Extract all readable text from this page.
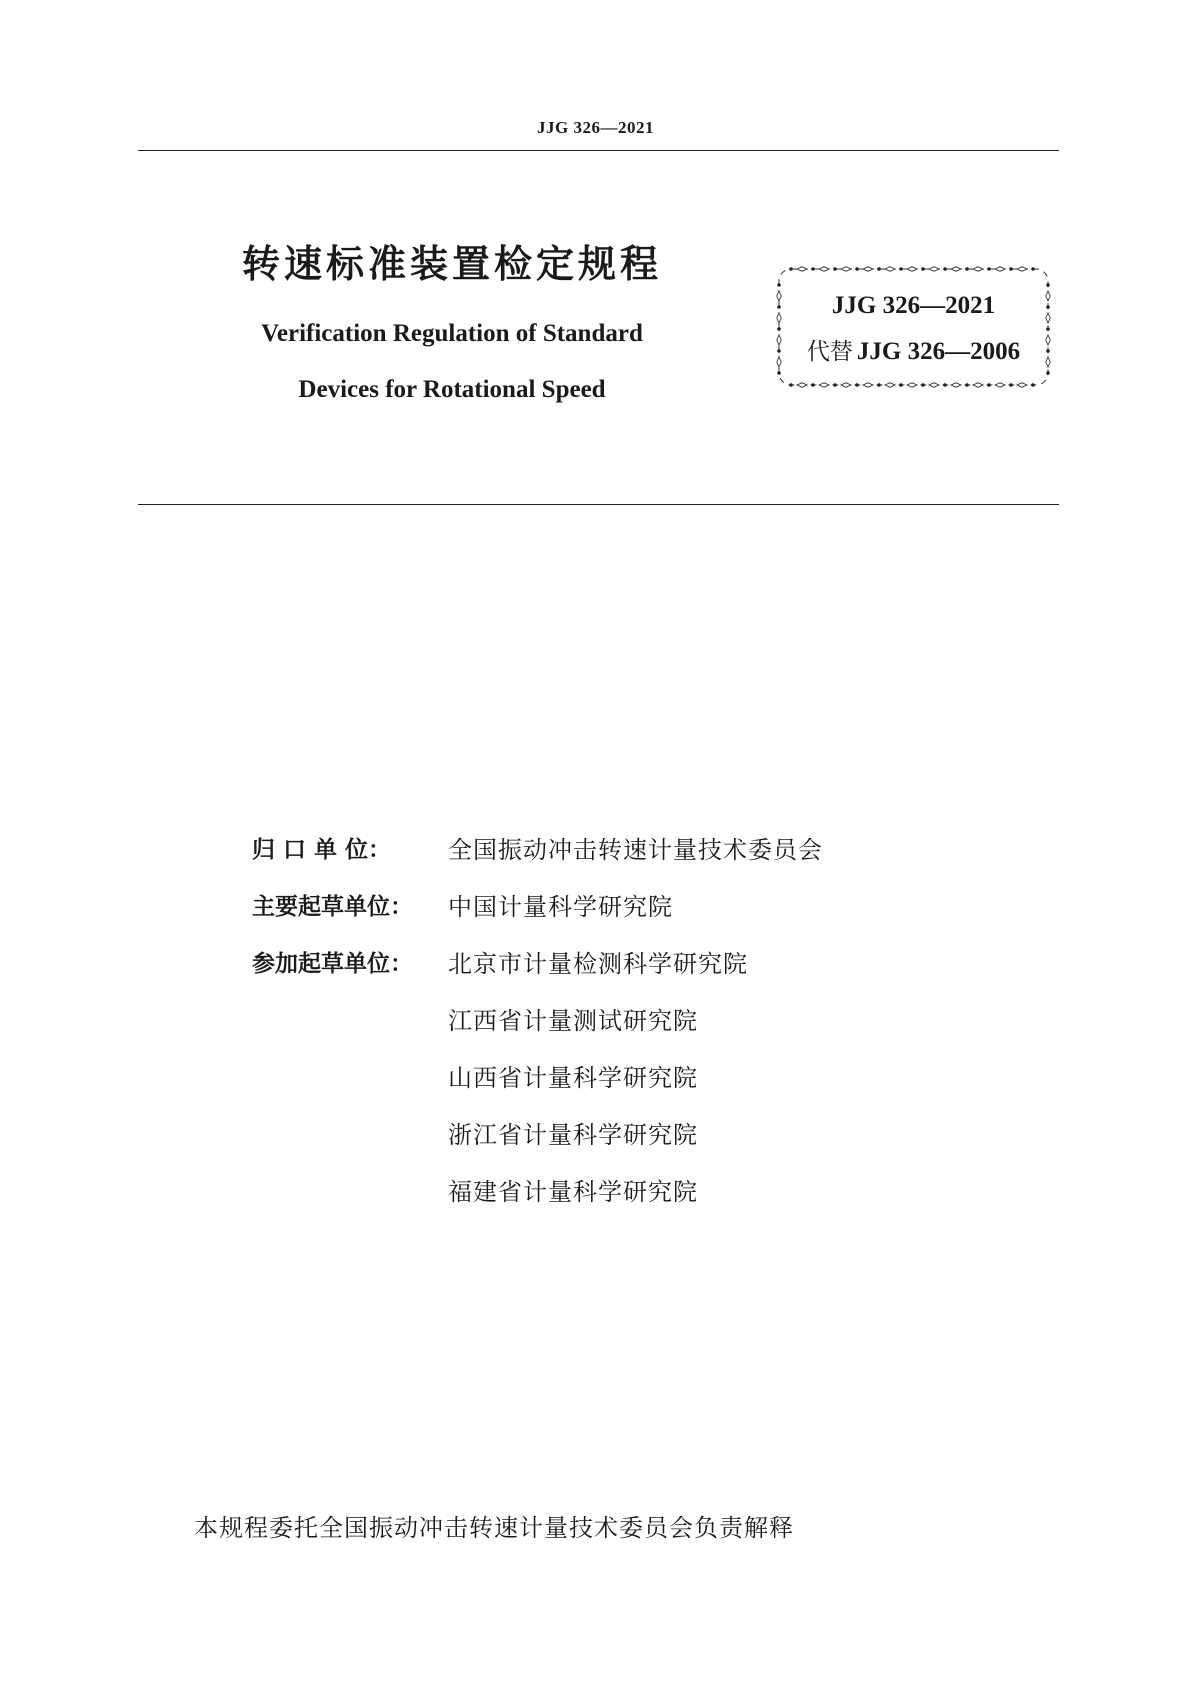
JJG 326—2021
转速标准装置检定规程
Verification Regulation of Standard
Devices for Rotational Speed
JJG 326—2021
代替 JJG 326—2006
归 口 单 位：	全国振动冲击转速计量技术委员会
主要起草单位：	中国计量科学研究院
参加起草单位：	北京市计量检测科学研究院
江西省计量测试研究院
山西省计量科学研究院
浙江省计量科学研究院
福建省计量科学研究院
本规程委托全国振动冲击转速计量技术委员会负责解释
